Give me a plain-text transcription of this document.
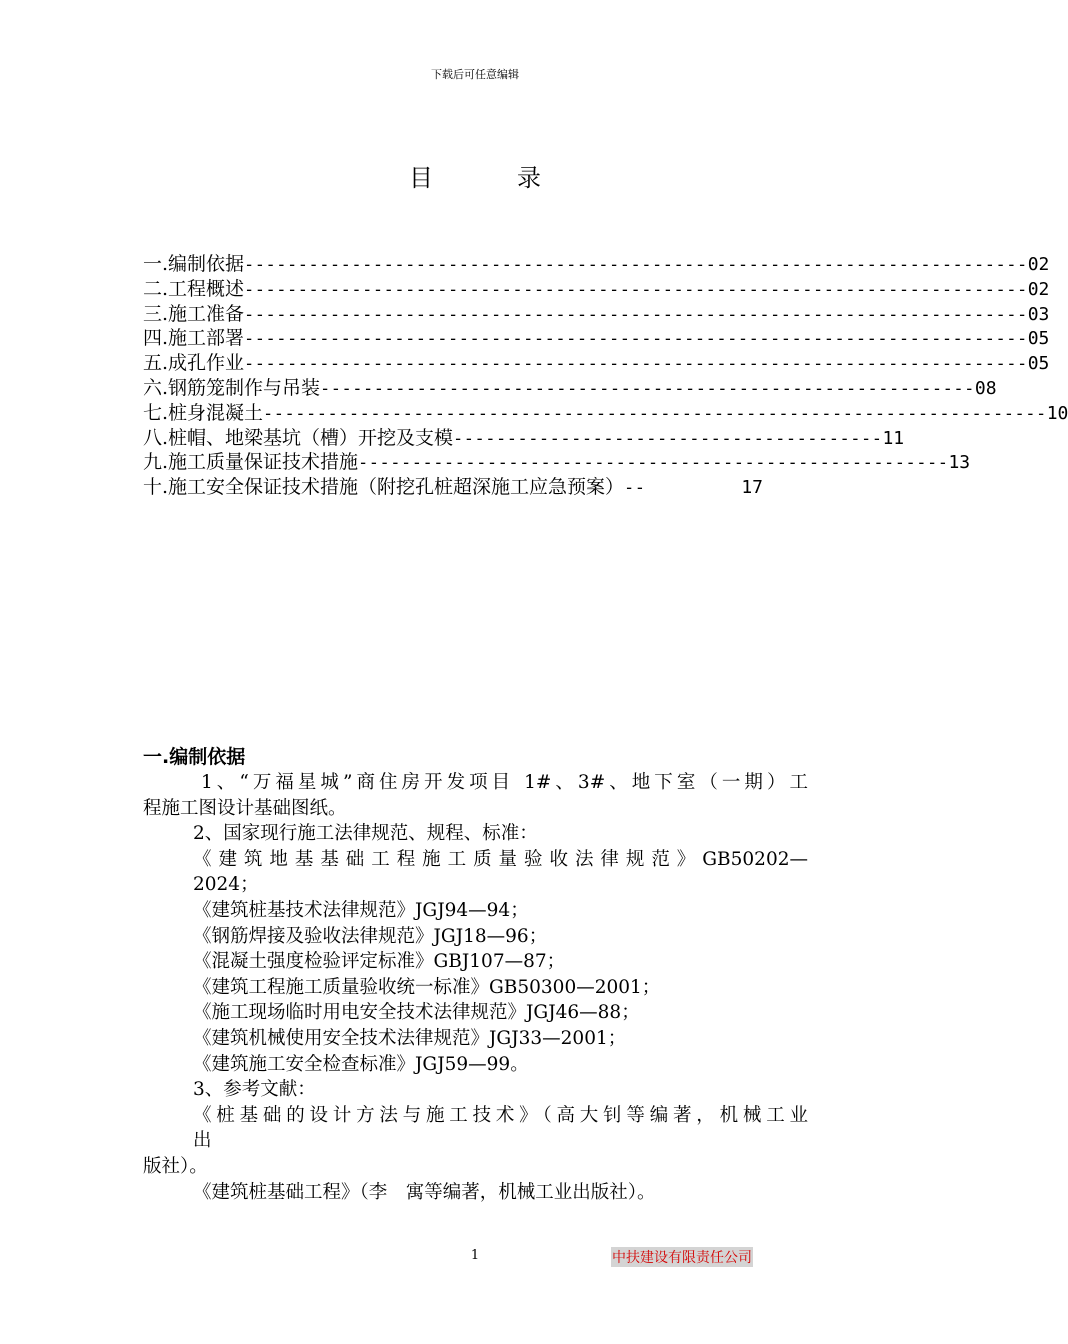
下载后可任意编辑
目	录
一.编制依据 ------------------------------------------------------------------------- 02
二.工程概述 ------------------------------------------------------------------------- 02
三.施工准备 ------------------------------------------------------------------------- 03
四.施工部署 ------------------------------------------------------------------------- 05
五.成孔作业 ------------------------------------------------------------------------- 05
六.钢筋笼制作与吊装 ------------------------------------------------------------- 08
七.桩身混凝土 ------------------------------------------------------------------------- 10
八.桩帽、地梁基坑（槽）开挖及支模 ---------------------------------------- 11
九.施工质量保证技术措施 ------------------------------------------------------- 13
十.施工安全保证技术措施（附挖孔桩超深施工应急预案） --	17
一.编制依据
1、“万福星城”商住房开发项目 1#、3#、地下室（一期）工
程施工图设计基础图纸。
2、国家现行施工法律规范、规程、标准：
《建筑地基基础工程施工质量验收法律规范》GB50202—
2024；
《建筑桩基技术法律规范》JGJ94—94；
《钢筋焊接及验收法律规范》JGJ18—96；
《混凝土强度检验评定标准》GBJ107—87；
《建筑工程施工质量验收统一标准》GB50300—2001；
《施工现场临时用电安全技术法律规范》JGJ46—88；
《建筑机械使用安全技术法律规范》JGJ33—2001；
《建筑施工安全检查标准》JGJ59—99。
3、参考文献：
《桩基础的设计方法与施工技术》（高大钊等编著，机械工业
出
版社）。
《建筑桩基础工程》（李　寓等编著，机械工业出版社）。
1	中扶建设有限责任公司
